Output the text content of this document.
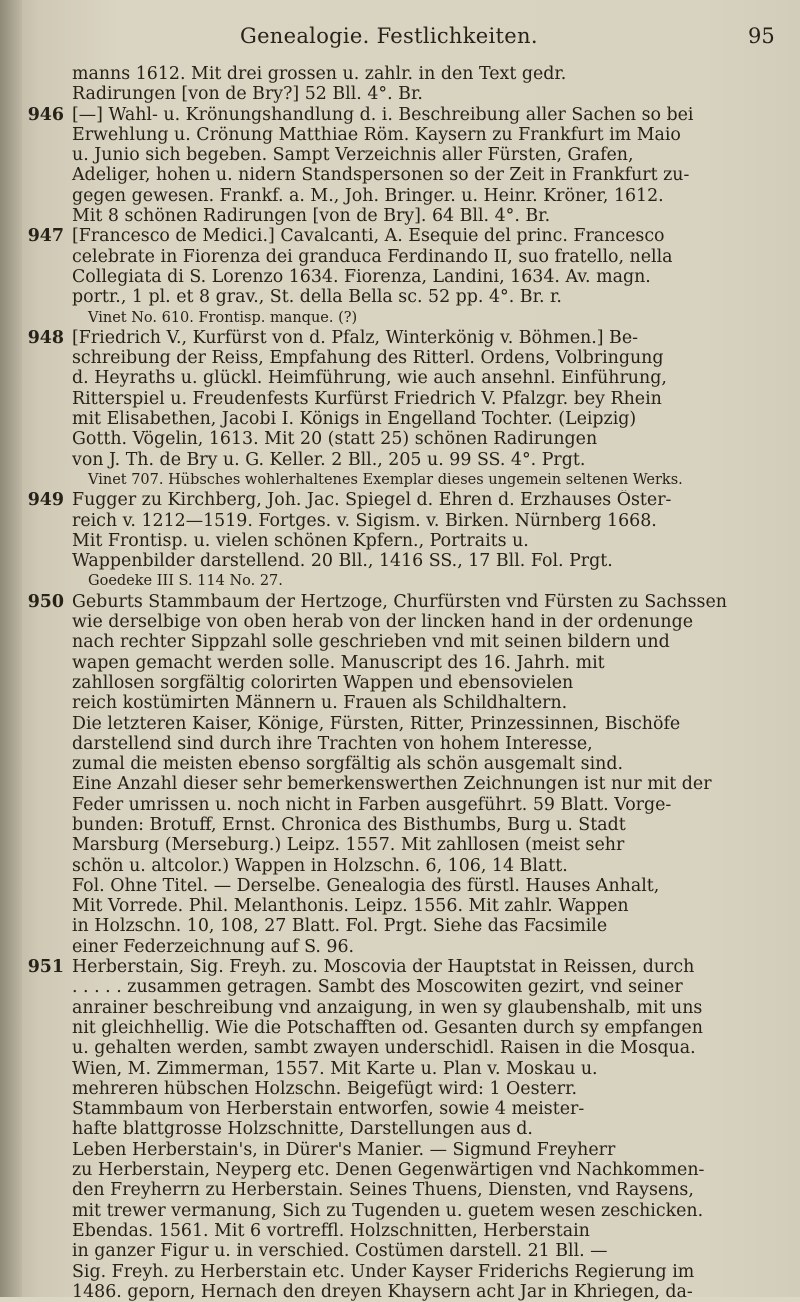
Genealogie. Festlichkeiten.	95
manns 1612. Mit drei grossen u. zahlr. in den Text gedr.
Radirungen [von de Bry?] 52 Bll. 4°. Br.
946 [—] Wahl- u. Krönungshandlung d. i. Beschreibung aller Sachen so bei
Erwehlung u. Crönung Matthiae Röm. Kaysern zu Frankfurt im Maio
u. Junio sich begeben. Sampt Verzeichnis aller Fürsten, Grafen,
Adeliger, hohen u. nidern Standspersonen so der Zeit in Frankfurt zu-
gegen gewesen. Frankf. a. M., Joh. Bringer. u. Heinr. Kröner, 1612.
Mit 8 schönen Radirungen [von de Bry]. 64 Bll. 4°. Br.
947 [Francesco de Medici.] Cavalcanti, A. Esequie del princ. Francesco
celebrate in Fiorenza dei granduca Ferdinando II, suo fratello, nella
Collegiata di S. Lorenzo 1634. Fiorenza, Landini, 1634. Av. magn.
portr., 1 pl. et 8 grav., St. della Bella sc. 52 pp. 4°. Br. r.
Vinet No. 610. Frontisp. manque. (?)
948 [Friedrich V., Kurfürst von d. Pfalz, Winterkönig v. Böhmen.] Be-
schreibung der Reiss, Empfahung des Ritterl. Ordens, Volbringung
d. Heyraths u. glückl. Heimführung, wie auch ansehnl. Einführung,
Ritterspiel u. Freudenfests Kurfürst Friedrich V. Pfalzgr. bey Rhein
mit Elisabethen, Jacobi I. Königs in Engelland Tochter. (Leipzig)
Gotth. Vögelin, 1613. Mit 20 (statt 25) schönen Radirungen
von J. Th. de Bry u. G. Keller. 2 Bll., 205 u. 99 SS. 4°. Prgt.
Vinet 707. Hübsches wohlerhaltenes Exemplar dieses ungemein seltenen Werks.
949 Fugger zu Kirchberg, Joh. Jac. Spiegel d. Ehren d. Erzhauses Öster-
reich v. 1212—1519. Fortges. v. Sigism. v. Birken. Nürnberg 1668.
Mit Frontisp. u. vielen schönen Kpfern., Portraits u.
Wappenbilder darstellend. 20 Bll., 1416 SS., 17 Bll. Fol. Prgt.
Goedeke III S. 114 No. 27.
950 Geburts Stammbaum der Hertzoge, Churfürsten vnd Fürsten zu Sachssen
wie derselbige von oben herab von der lincken hand in der ordenunge
nach rechter Sippzahl solle geschrieben vnd mit seinen bildern und
wapen gemacht werden solle. Manuscript des 16. Jahrh. mit
zahllosen sorgfältig colorirten Wappen und ebensovielen
reich kostümirten Männern u. Frauen als Schildhaltern.
Die letzteren Kaiser, Könige, Fürsten, Ritter, Prinzessinnen, Bischöfe
darstellend sind durch ihre Trachten von hohem Interesse,
zumal die meisten ebenso sorgfältig als schön ausgemalt sind.
Eine Anzahl dieser sehr bemerkenswerthen Zeichnungen ist nur mit der
Feder umrissen u. noch nicht in Farben ausgeführt. 59 Blatt. Vorge-
bunden: Brotuff, Ernst. Chronica des Bisthumbs, Burg u. Stadt
Marsburg (Merseburg.) Leipz. 1557. Mit zahllosen (meist sehr
schön u. altcolor.) Wappen in Holzschn. 6, 106, 14 Blatt.
Fol. Ohne Titel. — Derselbe. Genealogia des fürstl. Hauses Anhalt,
Mit Vorrede. Phil. Melanthonis. Leipz. 1556. Mit zahlr. Wappen
in Holzschn. 10, 108, 27 Blatt. Fol. Prgt. Siehe das Facsimile
einer Federzeichnung auf S. 96.
951 Herberstain, Sig. Freyh. zu. Moscovia der Hauptstat in Reissen, durch
. . . . . zusammen getragen. Sambt des Moscowiten gezirt, vnd seiner
anrainer beschreibung vnd anzaigung, in wen sy glaubenshalb, mit uns
nit gleichhellig. Wie die Potschafften od. Gesanten durch sy empfangen
u. gehalten werden, sambt zwayen underschidl. Raisen in die Mosqua.
Wien, M. Zimmerman, 1557. Mit Karte u. Plan v. Moskau u.
mehreren hübschen Holzschn. Beigefügt wird: 1 Oesterr.
Stammbaum von Herberstain entworfen, sowie 4 meister-
hafte blattgrosse Holzschnitte, Darstellungen aus d.
Leben Herberstain's, in Dürer's Manier. — Sigmund Freyherr
zu Herberstain, Neyperg etc. Denen Gegenwärtigen vnd Nachkommen-
den Freyherrn zu Herberstain. Seines Thuens, Diensten, vnd Raysens,
mit trewer vermanung, Sich zu Tugenden u. guetem wesen zeschicken.
Ebendas. 1561. Mit 6 vortreffl. Holzschnitten, Herberstain
in ganzer Figur u. in verschied. Costümen darstell. 21 Bll. —
Sig. Freyh. zu Herberstain etc. Under Kayser Friderichs Regierung im
1486. geporn, Hernach den dreyen Khaysern acht Jar in Khriegen, da-
